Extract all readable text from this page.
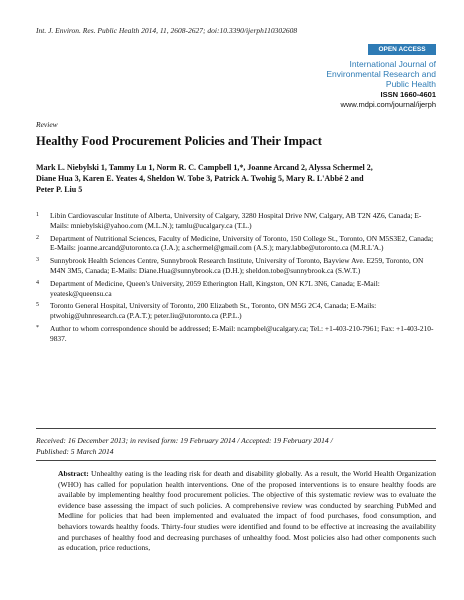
Int. J. Environ. Res. Public Health 2014, 11, 2608-2627; doi:10.3390/ijerph110302608
OPEN ACCESS
International Journal of
Environmental Research and
Public Health
ISSN 1660-4601
www.mdpi.com/journal/ijerph
Review
Healthy Food Procurement Policies and Their Impact
Mark L. Niebylski 1, Tammy Lu 1, Norm R. C. Campbell 1,*, Joanne Arcand 2, Alyssa Schermel 2,
Diane Hua 3, Karen E. Yeates 4, Sheldon W. Tobe 3, Patrick A. Twohig 5, Mary R. L'Abbé 2 and
Peter P. Liu 5
1	Libin Cardiovascular Institute of Alberta, University of Calgary, 3280 Hospital Drive NW, Calgary, AB T2N 4Z6, Canada; E-Mails: mniebylski@yahoo.com (M.L.N.); tamlu@ucalgary.ca (T.L.)
2	Department of Nutritional Sciences, Faculty of Medicine, University of Toronto, 150 College St., Toronto, ON M5S3E2, Canada; E-Mails: joanne.arcand@utoronto.ca (J.A.); a.schermel@gmail.com (A.S.); mary.labbe@utoronto.ca (M.R.L'A.)
3	Sunnybrook Health Sciences Centre, Sunnybrook Research Institute, University of Toronto, Bayview Ave. E259, Toronto, ON M4N 3M5, Canada; E-Mails: Diane.Hua@sunnybrook.ca (D.H.); sheldon.tobe@sunnybrook.ca (S.W.T.)
4	Department of Medicine, Queen's University, 2059 Etherington Hall, Kingston, ON K7L 3N6, Canada; E-Mail: yeatesk@queensu.ca
5	Toronto General Hospital, University of Toronto, 200 Elizabeth St., Toronto, ON M5G 2C4, Canada; E-Mails: ptwohig@uhnresearch.ca (P.A.T.); peter.liu@utoronto.ca (P.P.L.)
*	Author to whom correspondence should be addressed; E-Mail: ncampbel@ucalgary.ca; Tel.: +1-403-210-7961; Fax: +1-403-210-9837.
Received: 16 December 2013; in revised form: 19 February 2014 / Accepted: 19 February 2014 /
Published: 5 March 2014
Abstract: Unhealthy eating is the leading risk for death and disability globally. As a result, the World Health Organization (WHO) has called for population health interventions. One of the proposed interventions is to ensure healthy foods are available by implementing healthy food procurement policies. The objective of this systematic review was to evaluate the evidence base assessing the impact of such policies. A comprehensive review was conducted by searching PubMed and Medline for policies that had been implemented and evaluated the impact of food purchases, food consumption, and behaviors towards healthy foods. Thirty-four studies were identified and found to be effective at increasing the availability and purchases of healthy food and decreasing purchases of unhealthy food. Most policies also had other components such as education, price reductions,
